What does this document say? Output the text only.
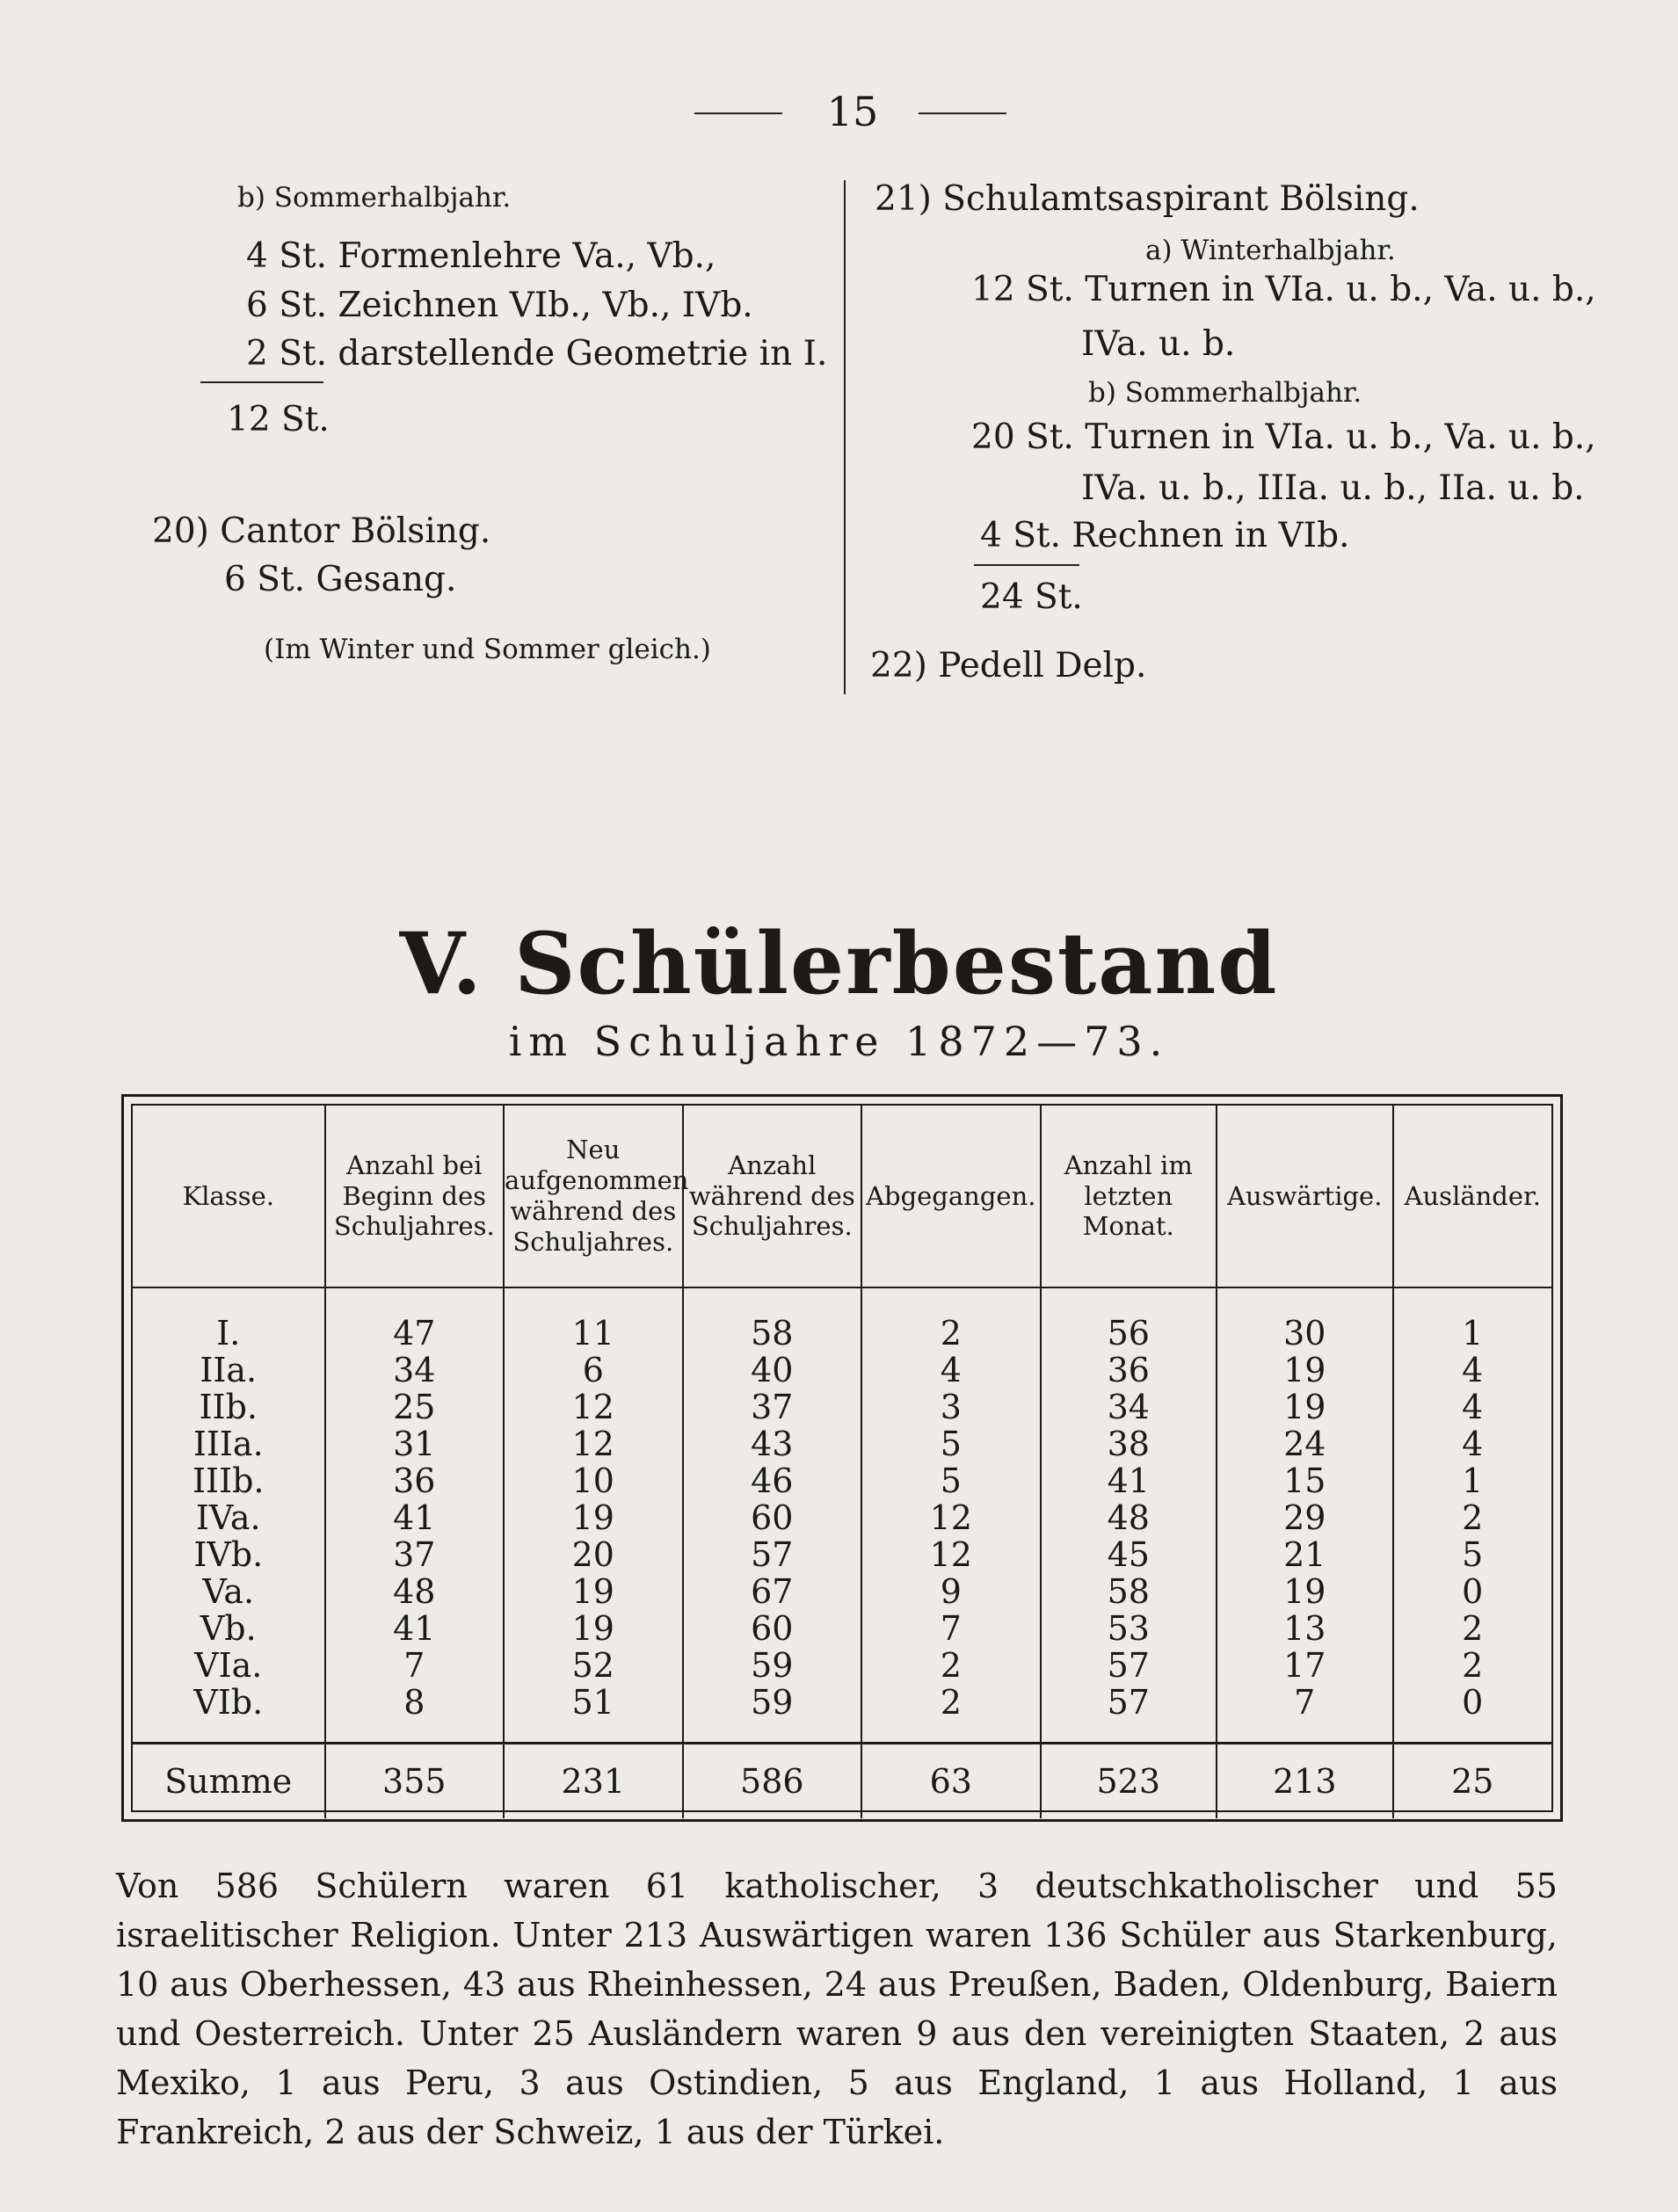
15
b) Sommerhalbjahr.
4 St. Formenlehre Va., Vb.,
6 St. Zeichnen VIb., Vb., IVb.
2 St. darstellende Geometrie in I.
12 St.
20) Cantor Bölsing.
6 St. Gesang.
(Im Winter und Sommer gleich.)
21) Schulamtsaspirant Bölsing.
a) Winterhalbjahr.
12 St. Turnen in VIa. u. b., Va. u. b.,
IVa. u. b.
b) Sommerhalbjahr.
20 St. Turnen in VIa. u. b., Va. u. b.,
IVa. u. b., IIIa. u. b., IIa. u. b.
4 St. Rechnen in VIb.
24 St.
22) Pedell Delp.
V. Schülerbestand
im Schuljahre 1872—73.
Klasse.	Anzahl bei Beginn des Schuljahres.	Neu aufgenommen während des Schuljahres.	Anzahl während des Schuljahres.	Abgegangen.	Anzahl im letzten Monat.	Auswärtige.	Ausländer.
I.	47	11	58	2	56	30	1
IIa.	34	6	40	4	36	19	4
IIb.	25	12	37	3	34	19	4
IIIa.	31	12	43	5	38	24	4
IIIb.	36	10	46	5	41	15	1
IVa.	41	19	60	12	48	29	2
IVb.	37	20	57	12	45	21	5
Va.	48	19	67	9	58	19	0
Vb.	41	19	60	7	53	13	2
VIa.	7	52	59	2	57	17	2
VIb.	8	51	59	2	57	7	0
Summe	355	231	586	63	523	213	25
Von 586 Schülern waren 61 katholischer, 3 deutschkatholischer und 55 israelitischer Religion. Unter 213 Auswärtigen waren 136 Schüler aus Starkenburg, 10 aus Oberhessen, 43 aus Rheinhessen, 24 aus Preußen, Baden, Oldenburg, Baiern und Oesterreich. Unter 25 Ausländern waren 9 aus den vereinigten Staaten, 2 aus Mexiko, 1 aus Peru, 3 aus Ostindien, 5 aus England, 1 aus Holland, 1 aus Frankreich, 2 aus der Schweiz, 1 aus der Türkei.
